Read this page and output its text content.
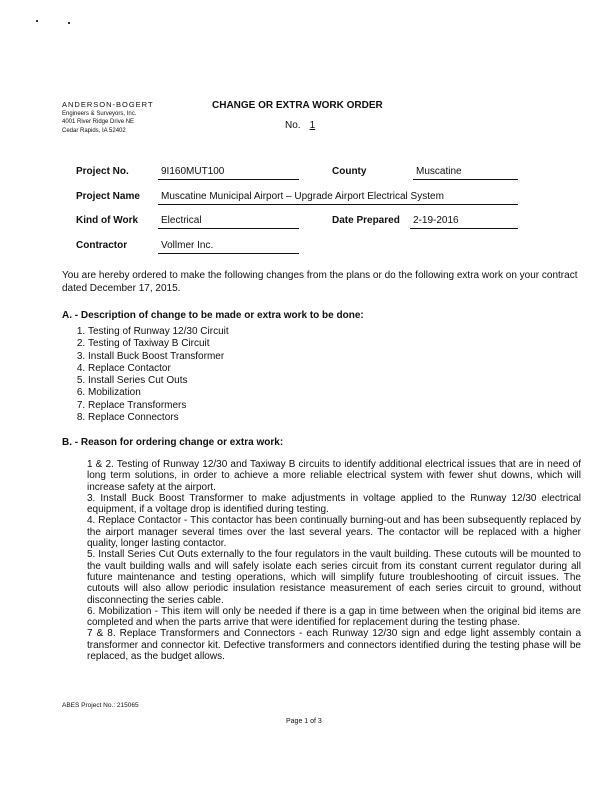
ANDERSON-BOGERT
Engineers & Surveyors, Inc.
4001 River Ridge Drive NE
Cedar Rapids, IA 52402
CHANGE OR EXTRA WORK ORDER
No. 1
Project No.	9I160MUT100	County	Muscatine
Project Name	Muscatine Municipal Airport – Upgrade Airport Electrical System
Kind of Work	Electrical	Date Prepared	2-19-2016
Contractor	Vollmer Inc.
You are hereby ordered to make the following changes from the plans or do the following extra work on your contract dated December 17, 2015.
A. - Description of change to be made or extra work to be done:
1. Testing of Runway 12/30 Circuit
2. Testing of Taxiway B Circuit
3. Install Buck Boost Transformer
4. Replace Contactor
5. Install Series Cut Outs
6. Mobilization
7. Replace Transformers
8. Replace Connectors
B. - Reason for ordering change or extra work:

1 & 2. Testing of Runway 12/30 and Taxiway B circuits to identify additional electrical issues that are in need of long term solutions, in order to achieve a more reliable electrical system with fewer shut downs, which will increase safety at the airport.

3. Install Buck Boost Transformer to make adjustments in voltage applied to the Runway 12/30 electrical equipment, if a voltage drop is identified during testing.

4. Replace Contactor - This contactor has been continually burning-out and has been subsequently replaced by the airport manager several times over the last several years. The contactor will be replaced with a higher quality, longer lasting contactor.

5. Install Series Cut Outs externally to the four regulators in the vault building. These cutouts will be mounted to the vault building walls and will safely isolate each series circuit from its constant current regulator during all future maintenance and testing operations, which will simplify future troubleshooting of circuit issues. The cutouts will also allow periodic insulation resistance measurement of each series circuit to ground, without disconnecting the series cable.

6. Mobilization - This item will only be needed if there is a gap in time between when the original bid items are completed and when the parts arrive that were identified for replacement during the testing phase.

7 & 8. Replace Transformers and Connectors - each Runway 12/30 sign and edge light assembly contain a transformer and connector kit. Defective transformers and connectors identified during the testing phase will be replaced, as the budget allows.

ABES Project No.: 215065
Page 1 of 3
